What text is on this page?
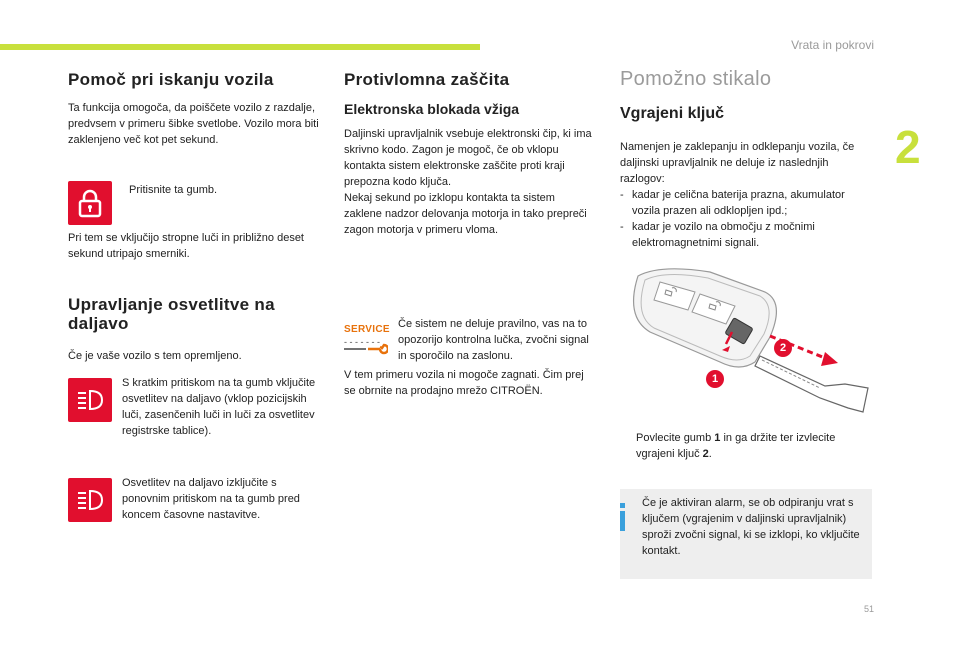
Vrata in pokrovi
2
Pomoč pri iskanju vozila

Ta funkcija omogoča, da poiščete vozilo z razdalje, predvsem v primeru šibke svetlobe. Vozilo mora biti zaklenjeno več kot pet sekund.

Pritisnite ta gumb.

Pri tem se vključijo stropne luči in približno deset sekund utripajo smerniki.

Upravljanje osvetlitve na daljavo

Če je vaše vozilo s tem opremljeno.

S kratkim pritiskom na ta gumb vključite osvetlitev na daljavo (vklop pozicijskih luči, zasenčenih luči in luči za osvetlitev registrske tablice).

Osvetlitev na daljavo izključite s ponovnim pritiskom na ta gumb pred koncem časovne nastavitve.

Protivlomna zaščita
Elektronska blokada vžiga

Daljinski upravljalnik vsebuje elektronski čip, ki ima skrivno kodo. Zagon je mogoč, če ob vklopu kontakta sistem elektronske zaščite proti kraji prepozna kodo ključa.
Nekaj sekund po izklopu kontakta ta sistem zaklene nadzor delovanja motorja in tako prepreči zagon motorja v primeru vloma.

SERVICE
- - - - - - -

Če sistem ne deluje pravilno, vas na to opozorijo kontrolna lučka, zvočni signal in sporočilo na zaslonu.

V tem primeru vozila ni mogoče zagnati. Čim prej se obrnite na prodajno mrežo CITROËN.

Pomožno stikalo
Vgrajeni ključ

Namenjen je zaklepanju in odklepanju vozila, če daljinski upravljalnik ne deluje iz naslednjih razlogov:

- kadar je celična baterija prazna, akumulator vozila prazen ali odklopljen ipd.;
- kadar je vozilo na območju z močnimi elektromagnetnimi signali.
2
1
Povlecite gumb 1 in ga držite ter izvlecite vgrajeni ključ 2.

Če je aktiviran alarm, se ob odpiranju vrat s ključem (vgrajenim v daljinski upravljalnik) sproži zvočni signal, ki se izklopi, ko vključite kontakt.

51
